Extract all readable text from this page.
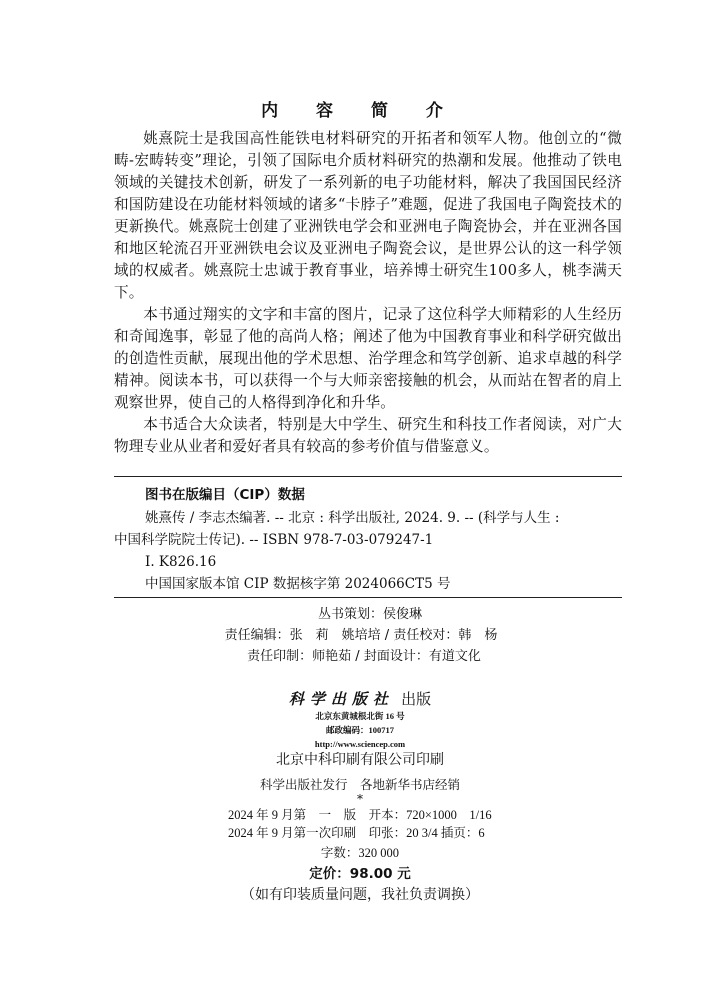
内 容 简 介

姚熹院士是我国高性能铁电材料研究的开拓者和领军人物。他创立的“微畴-宏畴转变”理论，引领了国际电介质材料研究的热潮和发展。他推动了铁电领域的关键技术创新，研发了一系列新的电子功能材料，解决了我国国民经济和国防建设在功能材料领域的诸多“卡脖子”难题，促进了我国电子陶瓷技术的更新换代。姚熹院士创建了亚洲铁电学会和亚洲电子陶瓷协会，并在亚洲各国和地区轮流召开亚洲铁电会议及亚洲电子陶瓷会议，是世界公认的这一科学领域的权威者。姚熹院士忠诚于教育事业，培养博士研究生100多人，桃李满天下。

本书通过翔实的文字和丰富的图片，记录了这位科学大师精彩的人生经历和奇闻逸事，彰显了他的高尚人格；阐述了他为中国教育事业和科学研究做出的创造性贡献，展现出他的学术思想、治学理念和笃学创新、追求卓越的科学精神。阅读本书，可以获得一个与大师亲密接触的机会，从而站在智者的肩上观察世界，使自己的人格得到净化和升华。

本书适合大众读者，特别是大中学生、研究生和科技工作者阅读，对广大物理专业从业者和爱好者具有较高的参考价值与借鉴意义。

图书在版编目（CIP）数据
姚熹传 / 李志杰编著. -- 北京 : 科学出版社, 2024. 9. -- (科学与人生 :
中国科学院院士传记). -- ISBN 978-7-03-079247-1
Ⅰ. K826.16
中国国家版本馆 CIP 数据核字第 2024066CT5 号
丛书策划：侯俊琳
责任编辑：张　莉　姚培培 / 责任校对：韩　杨
责任印制：师艳茹 / 封面设计：有道文化
科学出版社 出版
北京东黄城根北街 16 号
邮政编码：100717
http://www.sciencep.com
北京中科印刷有限公司印刷
科学出版社发行　各地新华书店经销
*
2024 年 9 月第　一　版　开本：720×1000　1/16
2024 年 9 月第一次印刷　印张：20 3/4 插页：6
字数：320 000
定价：98.00 元
（如有印装质量问题，我社负责调换）
